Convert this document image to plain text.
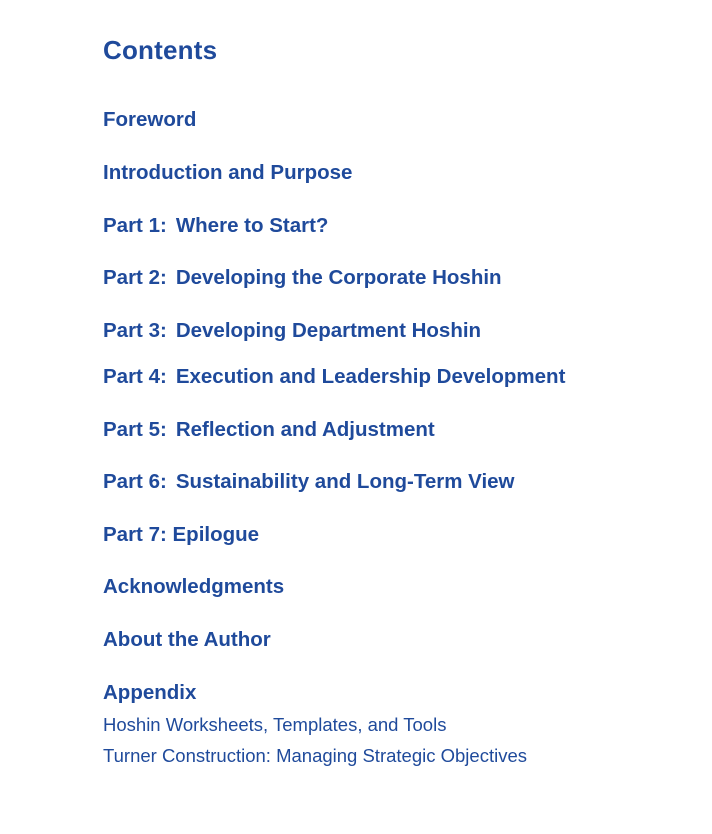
Contents

Foreword

Introduction and Purpose

Part 1: Where to Start?

Part 2: Developing the Corporate Hoshin

Part 3: Developing Department Hoshin

Part 4: Execution and Leadership Development

Part 5: Reflection and Adjustment

Part 6: Sustainability and Long-Term View

Part 7: Epilogue

Acknowledgments

About the Author

Appendix

Hoshin Worksheets, Templates, and Tools

Turner Construction: Managing Strategic Objectives
